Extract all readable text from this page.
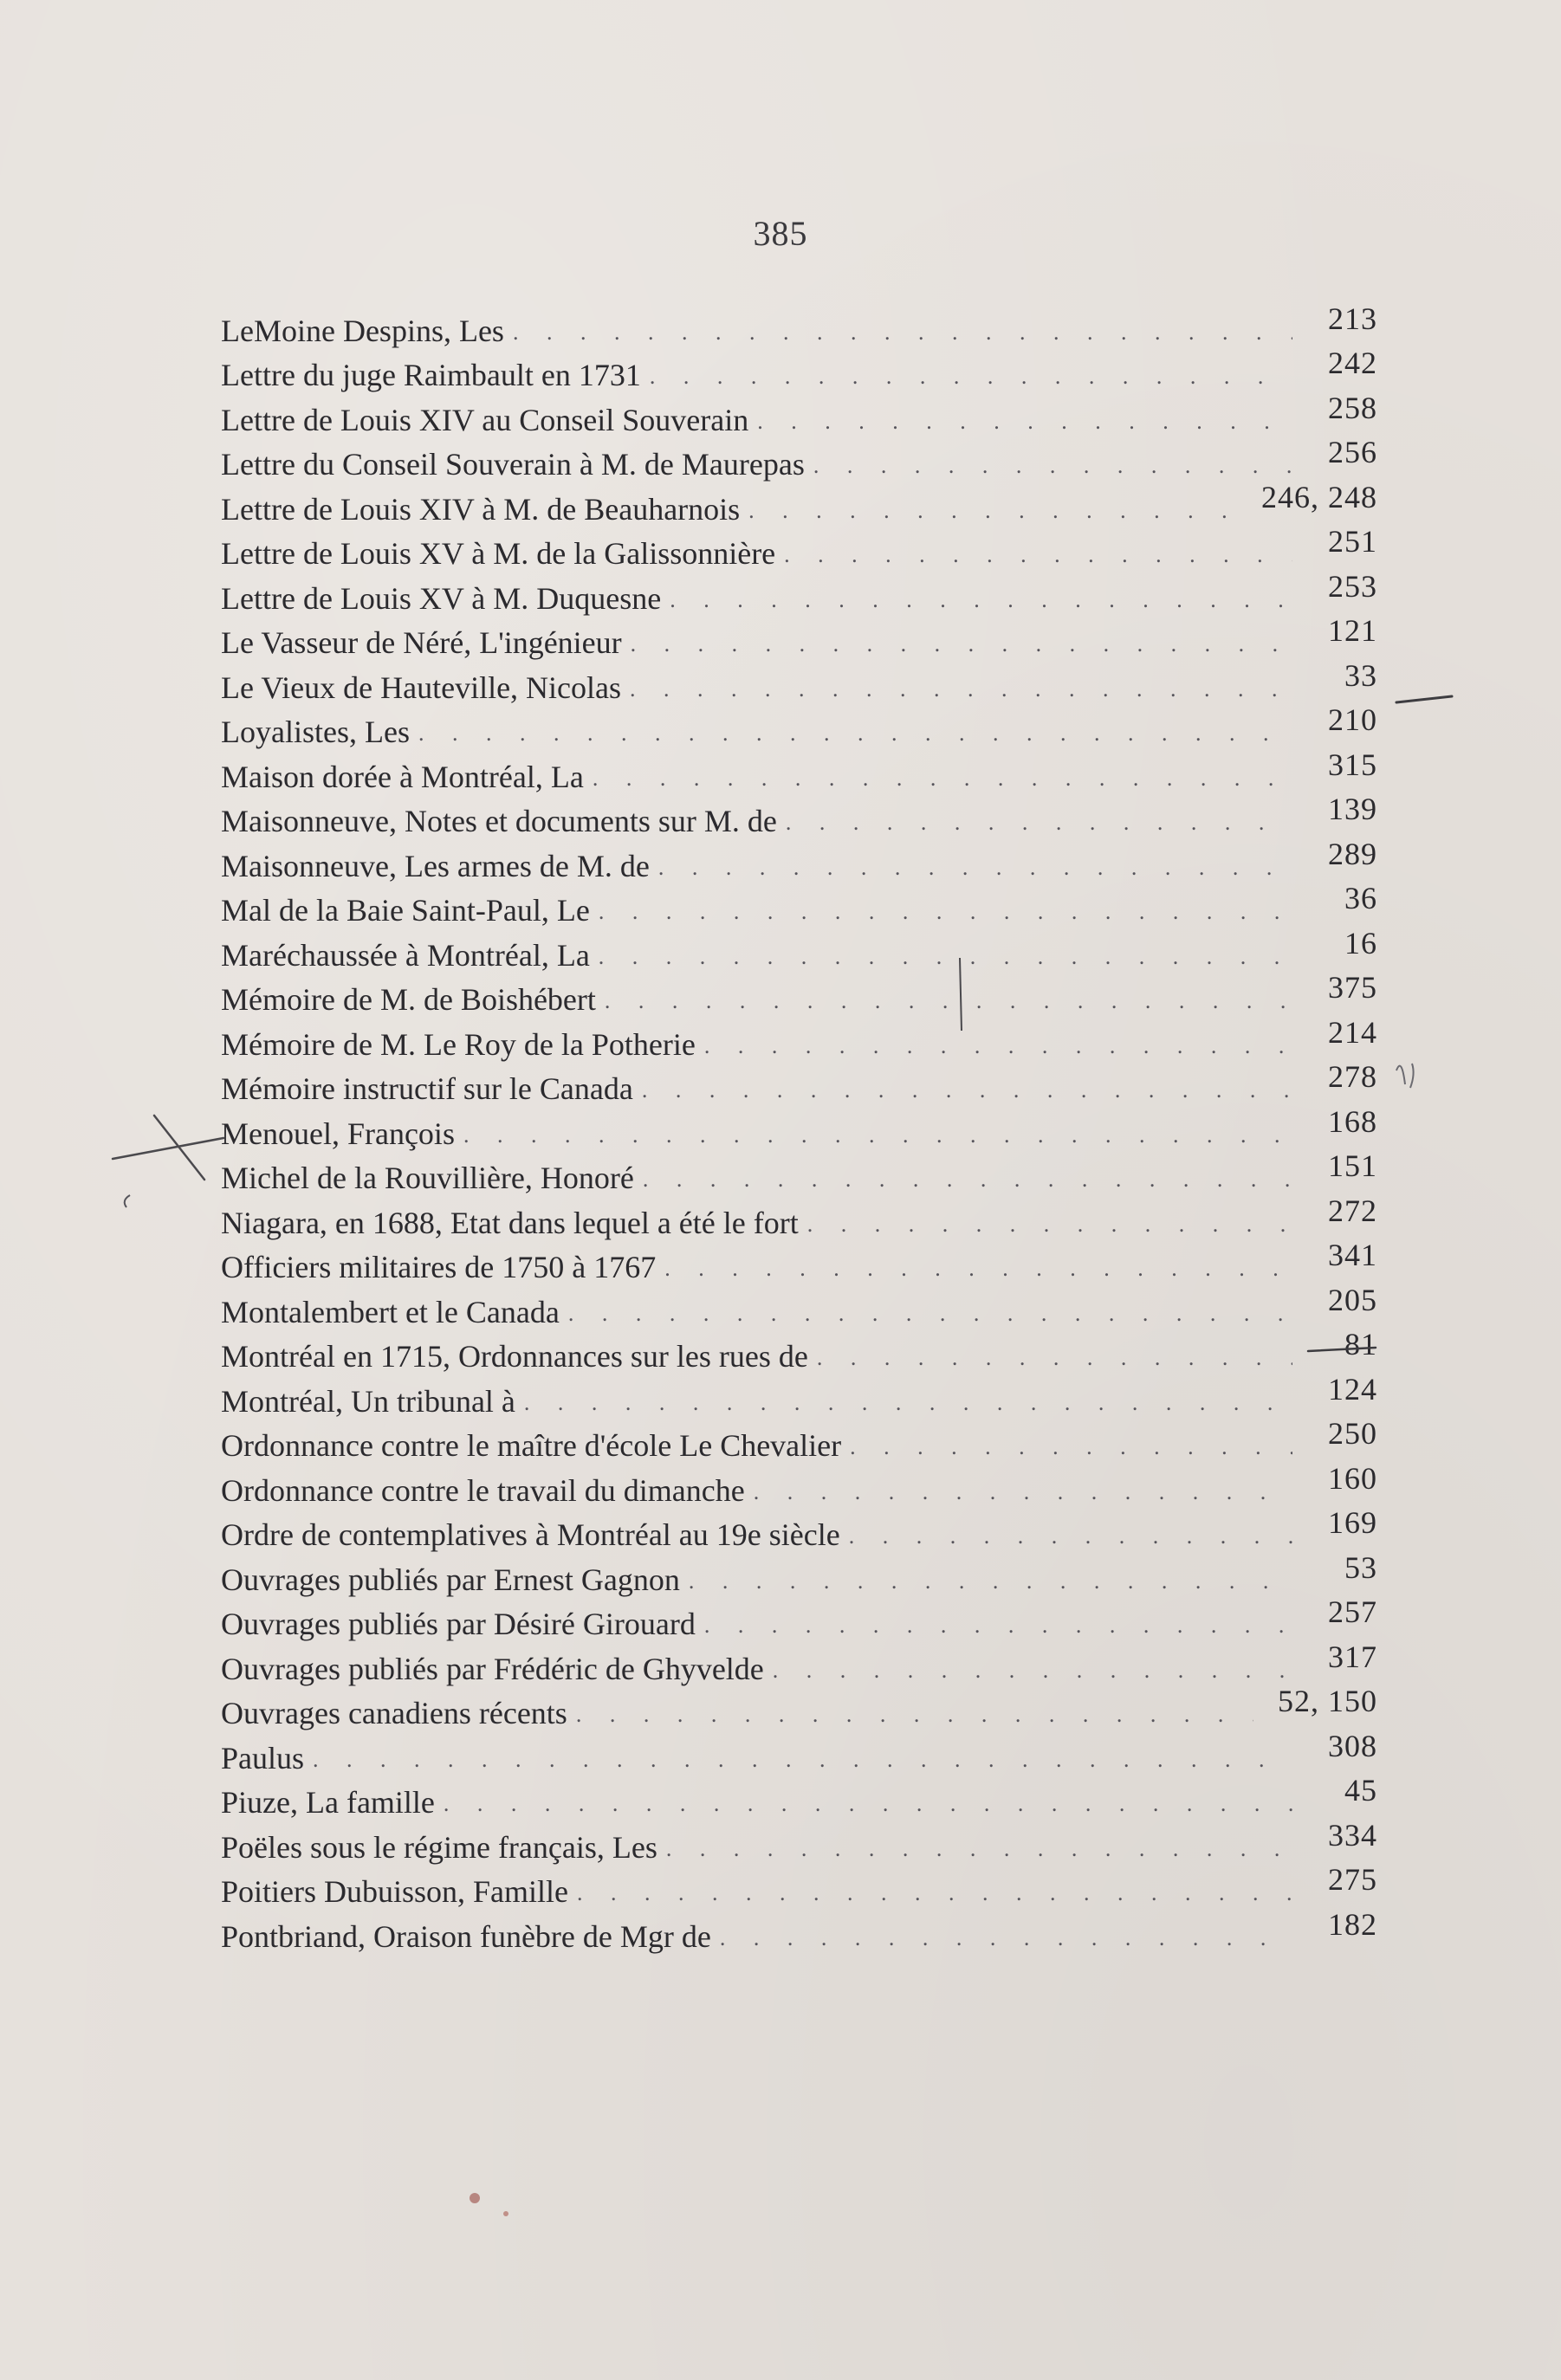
385
LeMoine Despins, Les . . .	213
Lettre du juge Raimbault en 1731 . . .	242
Lettre de Louis XIV au Conseil Souverain . . .	258
Lettre du Conseil Souverain à M. de Maurepas . . .	256
Lettre de Louis XIV à M. de Beauharnois . . .	246, 248
Lettre de Louis XV à M. de la Galissonnière . . .	251
Lettre de Louis XV à M. Duquesne . . .	253
Le Vasseur de Néré, L'ingénieur . . .	121
Le Vieux de Hauteville, Nicolas . . .	33
Loyalistes, Les . . .	210
Maison dorée à Montréal, La . . .	315
Maisonneuve, Notes et documents sur M. de . . .	139
Maisonneuve, Les armes de M. de . . .	289
Mal de la Baie Saint-Paul, Le . . .	36
Maréchaussée à Montréal, La . . .	16
Mémoire de M. de Boishébert . . .	375
Mémoire de M. Le Roy de la Potherie . . .	214
Mémoire instructif sur le Canada . . .	278
Menouel, François . . .	168
Michel de la Rouvillière, Honoré . . .	151
Niagara, en 1688, Etat dans lequel a été le fort . . .	272
Officiers militaires de 1750 à 1767 . . .	341
Montalembert et le Canada . . .	205
Montréal en 1715, Ordonnances sur les rues de . . .	81
Montréal, Un tribunal à . . .	124
Ordonnance contre le maître d'école Le Chevalier . . .	250
Ordonnance contre le travail du dimanche . . .	160
Ordre de contemplatives à Montréal au 19e siècle . . .	169
Ouvrages publiés par Ernest Gagnon . . .	53
Ouvrages publiés par Désiré Girouard . . .	257
Ouvrages publiés par Frédéric de Ghyvelde . . .	317
Ouvrages canadiens récents . . .	52, 150
Paulus . . .	308
Piuze, La famille . . .	45
Poëles sous le régime français, Les . . .	334
Poitiers Dubuisson, Famille . . .	275
Pontbriand, Oraison funèbre de Mgr de . . .	182
